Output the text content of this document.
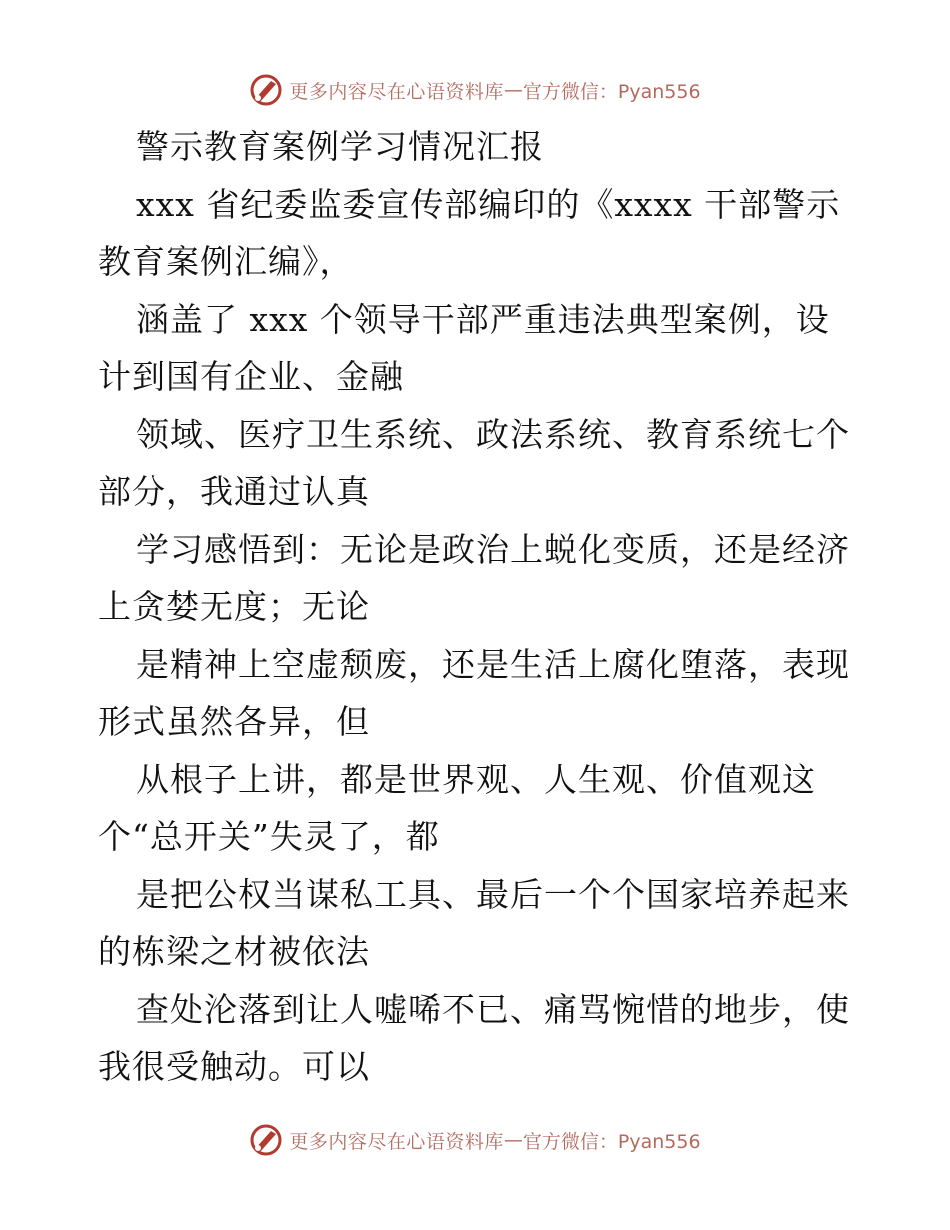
更多内容尽在心语资料库 — 官方微信：Pyan556
警示教育案例学习情况汇报
xxx 省纪委监委宣传部编印的《xxxx 干部警示
教育案例汇编》，
涵盖了 xxx 个领导干部严重违法典型案例，设
计到国有企业、金融
领域、医疗卫生系统、政法系统、教育系统七个
部分，我通过认真
学习感悟到：无论是政治上蜕化变质，还是经济
上贪婪无度；无论
是精神上空虚颓废，还是生活上腐化堕落，表现
形式虽然各异，但
从根子上讲，都是世界观、人生观、价值观这
个“总开关”失灵了，都
是把公权当谋私工具、最后一个个国家培养起来
的栋梁之材被依法
查处沦落到让人嘘唏不已、痛骂惋惜的地步，使
我很受触动。可以
更多内容尽在心语资料库 — 官方微信：Pyan556
